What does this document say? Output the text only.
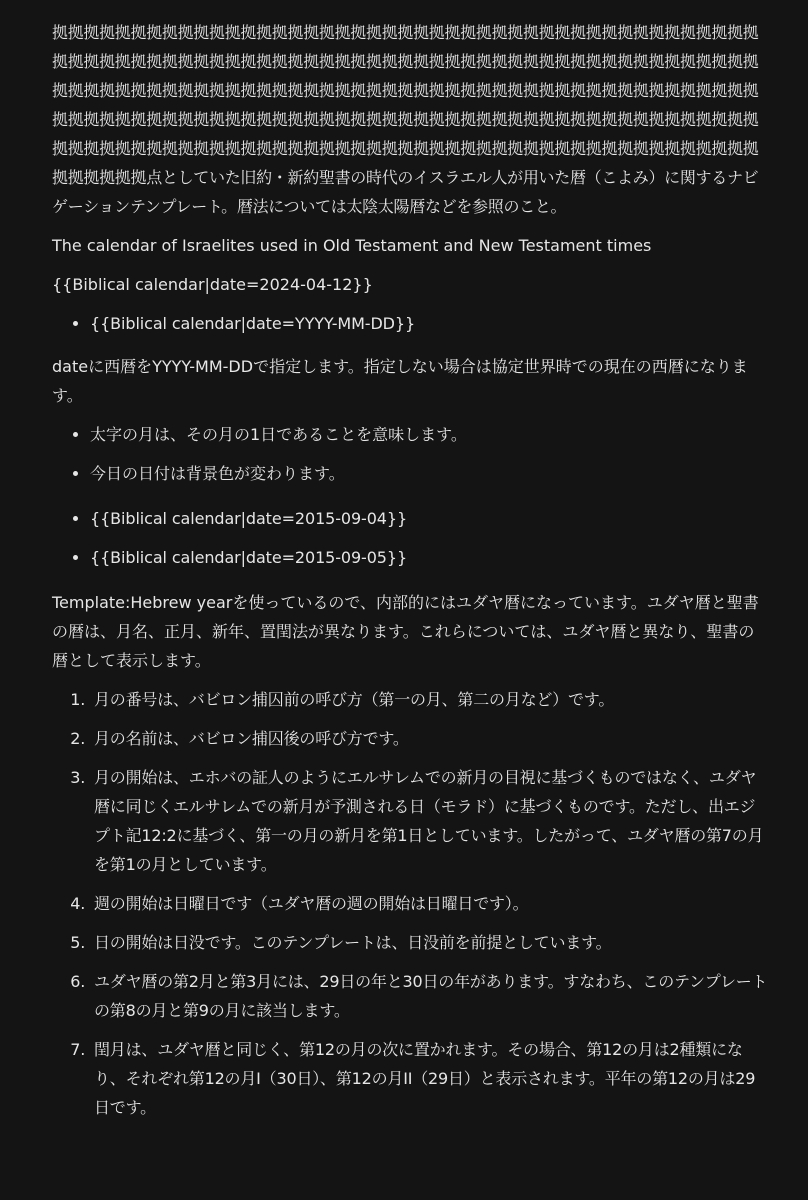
拠拠拠拠拠拠拠拠拠拠拠拠拠拠拠拠拠拠拠拠拠拠拠拠拠拠拠拠拠拠拠拠拠拠拠拠拠拠拠拠拠拠拠拠拠拠拠拠拠拠拠拠拠拠拠拠拠拠拠拠拠拠拠拠拠拠拠拠拠拠拠拠拠拠拠拠拠拠拠拠拠拠拠拠拠拠拠拠拠拠拠拠拠拠拠拠拠拠拠拠拠拠拠拠拠拠拠拠拠拠拠拠拠拠拠拠拠拠拠拠拠拠拠拠拠拠拠拠拠拠拠拠拠拠拠拠拠拠拠拠拠拠拠拠拠拠拠拠拠拠拠拠拠拠拠拠拠拠拠拠拠拠拠拠拠拠拠拠拠拠拠拠拠拠拠拠拠拠拠拠拠拠拠拠拠拠拠拠拠拠拠拠拠拠拠拠拠拠拠拠拠拠拠拠拠拠拠拠拠拠拠拠拠拠拠拠拠拠拠拠拠拠拠拠拠拠拠拠拠拠拠点としていた旧約・新約聖書の時代のイスラエル人が用いた暦（こよみ）に関するナビゲーションテンプレート。暦法については太陰太陽暦などを参照のこと。

The calendar of Israelites used in Old Testament and New Testament times

{{Biblical calendar|date=2024-04-12}}

• {{Biblical calendar|date=YYYY-MM-DD}}

dateに西暦をYYYY-MM-DDで指定します。指定しない場合は協定世界時での現在の西暦になります。

• 太字の月は、その月の1日であることを意味します。
• 今日の日付は背景色が変わります。
• {{Biblical calendar|date=2015-09-04}}
• {{Biblical calendar|date=2015-09-05}}

Template:Hebrew yearを使っているので、内部的にはユダヤ暦になっています。ユダヤ暦と聖書の暦は、月名、正月、新年、置閏法が異なります。これらについては、ユダヤ暦と異なり、聖書の暦として表示します。

1. 月の番号は、バビロン捕囚前の呼び方（第一の月、第二の月など）です。
2. 月の名前は、バビロン捕囚後の呼び方です。
3. 月の開始は、エホバの証人のようにエルサレムでの新月の目視に基づくものではなく、ユダヤ暦に同じくエルサレムでの新月が予測される日（モラド）に基づくものです。ただし、出エジプト記12:2に基づく、第一の月の新月を第1日としています。したがって、ユダヤ暦の第7の月を第1の月としています。
4. 週の開始は日曜日です（ユダヤ暦の週の開始は日曜日です）。
5. 日の開始は日没です。このテンプレートは、日没前を前提としています。
6. ユダヤ暦の第2月と第3月には、29日の年と30日の年があります。すなわち、このテンプレートの第8の月と第9の月に該当します。
7. 閏月は、ユダヤ暦と同じく、第12の月の次に置かれます。その場合、第12の月は2種類になり、それぞれ第12の月I（30日）、第12の月II（29日）と表示されます。平年の第12の月は29日です。
